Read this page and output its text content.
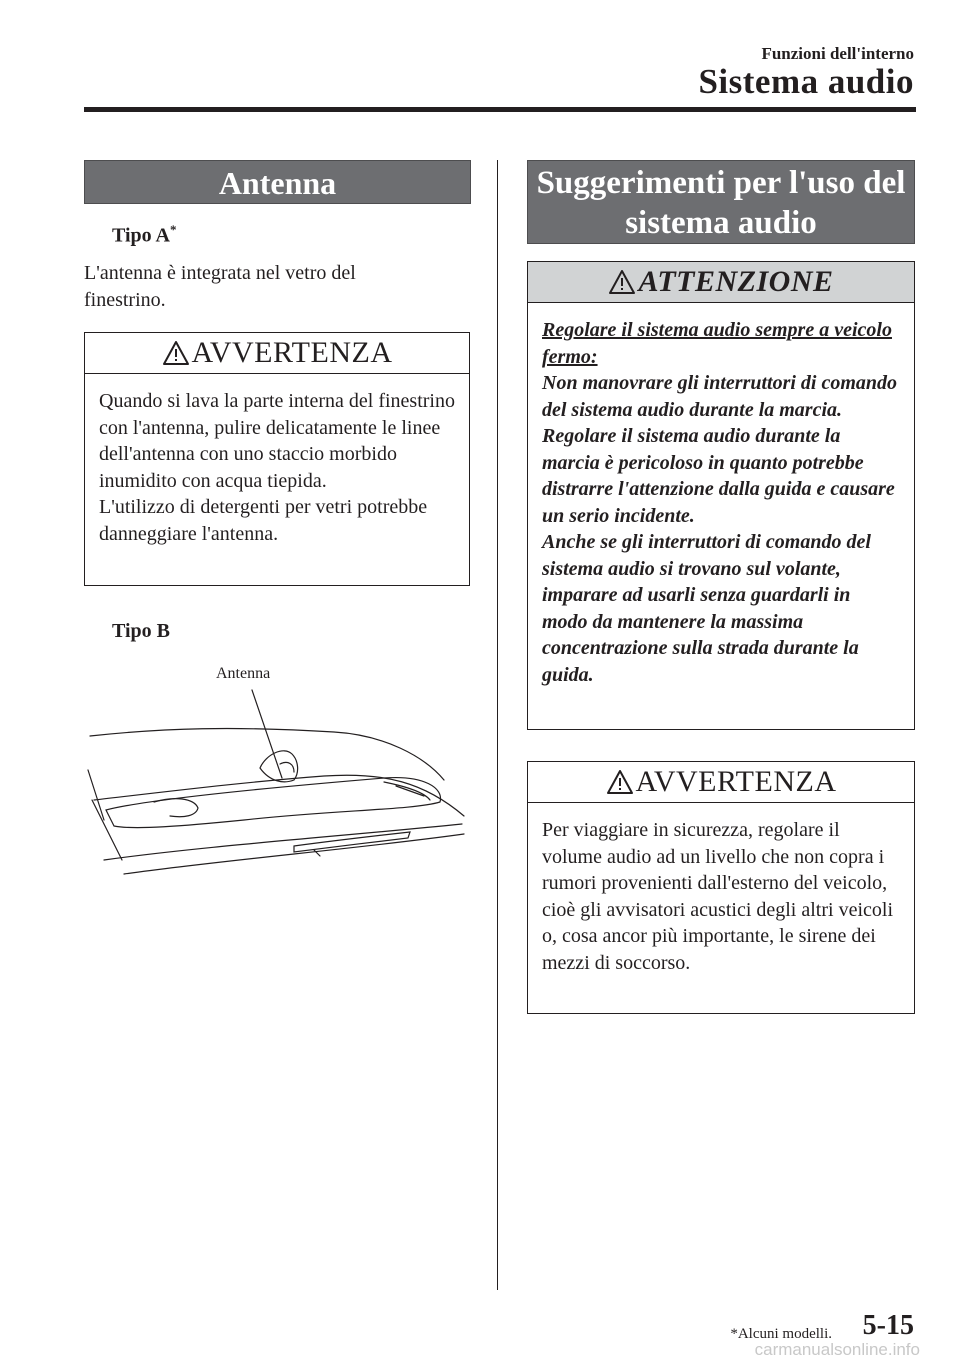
Funzioni dell'interno
Sistema audio
Antenna
Tipo A*
L'antenna è integrata nel vetro del finestrino.
AVVERTENZA
Quando si lava la parte interna del finestrino con l'antenna, pulire delicatamente le linee dell'antenna con uno staccio morbido inumidito con acqua tiepida.
L'utilizzo di detergenti per vetri potrebbe danneggiare l'antenna.
Tipo B
Antenna
Suggerimenti per l'uso del
sistema audio
ATTENZIONE
Regolare il sistema audio sempre a veicolo fermo:
Non manovrare gli interruttori di comando del sistema audio durante la marcia. Regolare il sistema audio durante la marcia è pericoloso in quanto potrebbe distrarre l'attenzione dalla guida e causare un serio incidente.
Anche se gli interruttori di comando del sistema audio si trovano sul volante, imparare ad usarli senza guardarli in modo da mantenere la massima concentrazione sulla strada durante la guida.
AVVERTENZA
Per viaggiare in sicurezza, regolare il volume audio ad un livello che non copra i rumori provenienti dall'esterno del veicolo, cioè gli avvisatori acustici degli altri veicoli o, cosa ancor più importante, le sirene dei mezzi di soccorso.
*Alcuni modelli. 5-15
carmanualsonline.info
